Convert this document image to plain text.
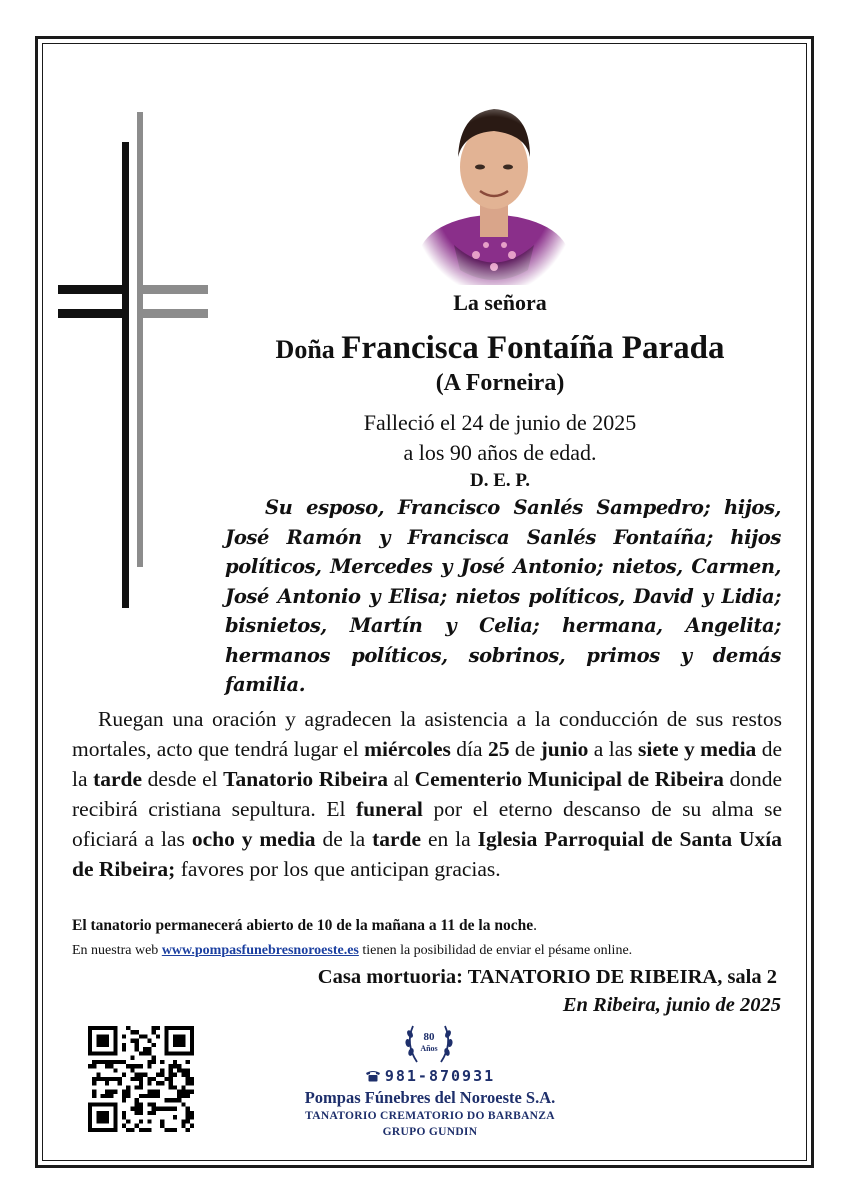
La señora
Doña Francisca Fontaíña Parada
(A Forneira)
Falleció el 24 de junio de 2025
a los 90 años de edad.
D. E. P.
Su esposo, Francisco Sanlés Sampedro; hijos, José Ramón y Francisca Sanlés Fontaíña; hijos políticos, Mercedes y José Antonio; nietos, Carmen, José Antonio y Elisa; nietos políticos, David y Lidia; bisnietos, Martín y Celia; hermana, Angelita; hermanos políticos, sobrinos, primos y demás familia.
Ruegan una oración y agradecen la asistencia a la conducción de sus restos mortales, acto que tendrá lugar el miércoles día 25 de junio a las siete y media de la tarde desde el Tanatorio Ribeira al Cementerio Municipal de Ribeira donde recibirá cristiana sepultura. El funeral por el eterno descanso de su alma se oficiará a las ocho y media de la tarde en la Iglesia Parroquial de Santa Uxía de Ribeira; favores por los que anticipan gracias.
El tanatorio permanecerá abierto de 10 de la mañana a 11 de la noche.
En nuestra web www.pompasfunebresnoroeste.es tienen la posibilidad de enviar el pésame online.
Casa mortuoria: TANATORIO DE RIBEIRA, sala 2
En Ribeira, junio de 2025
80
Años
981-870931
Pompas Fúnebres del Noroeste S.A.
TANATORIO CREMATORIO DO BARBANZA
GRUPO GUNDIN
